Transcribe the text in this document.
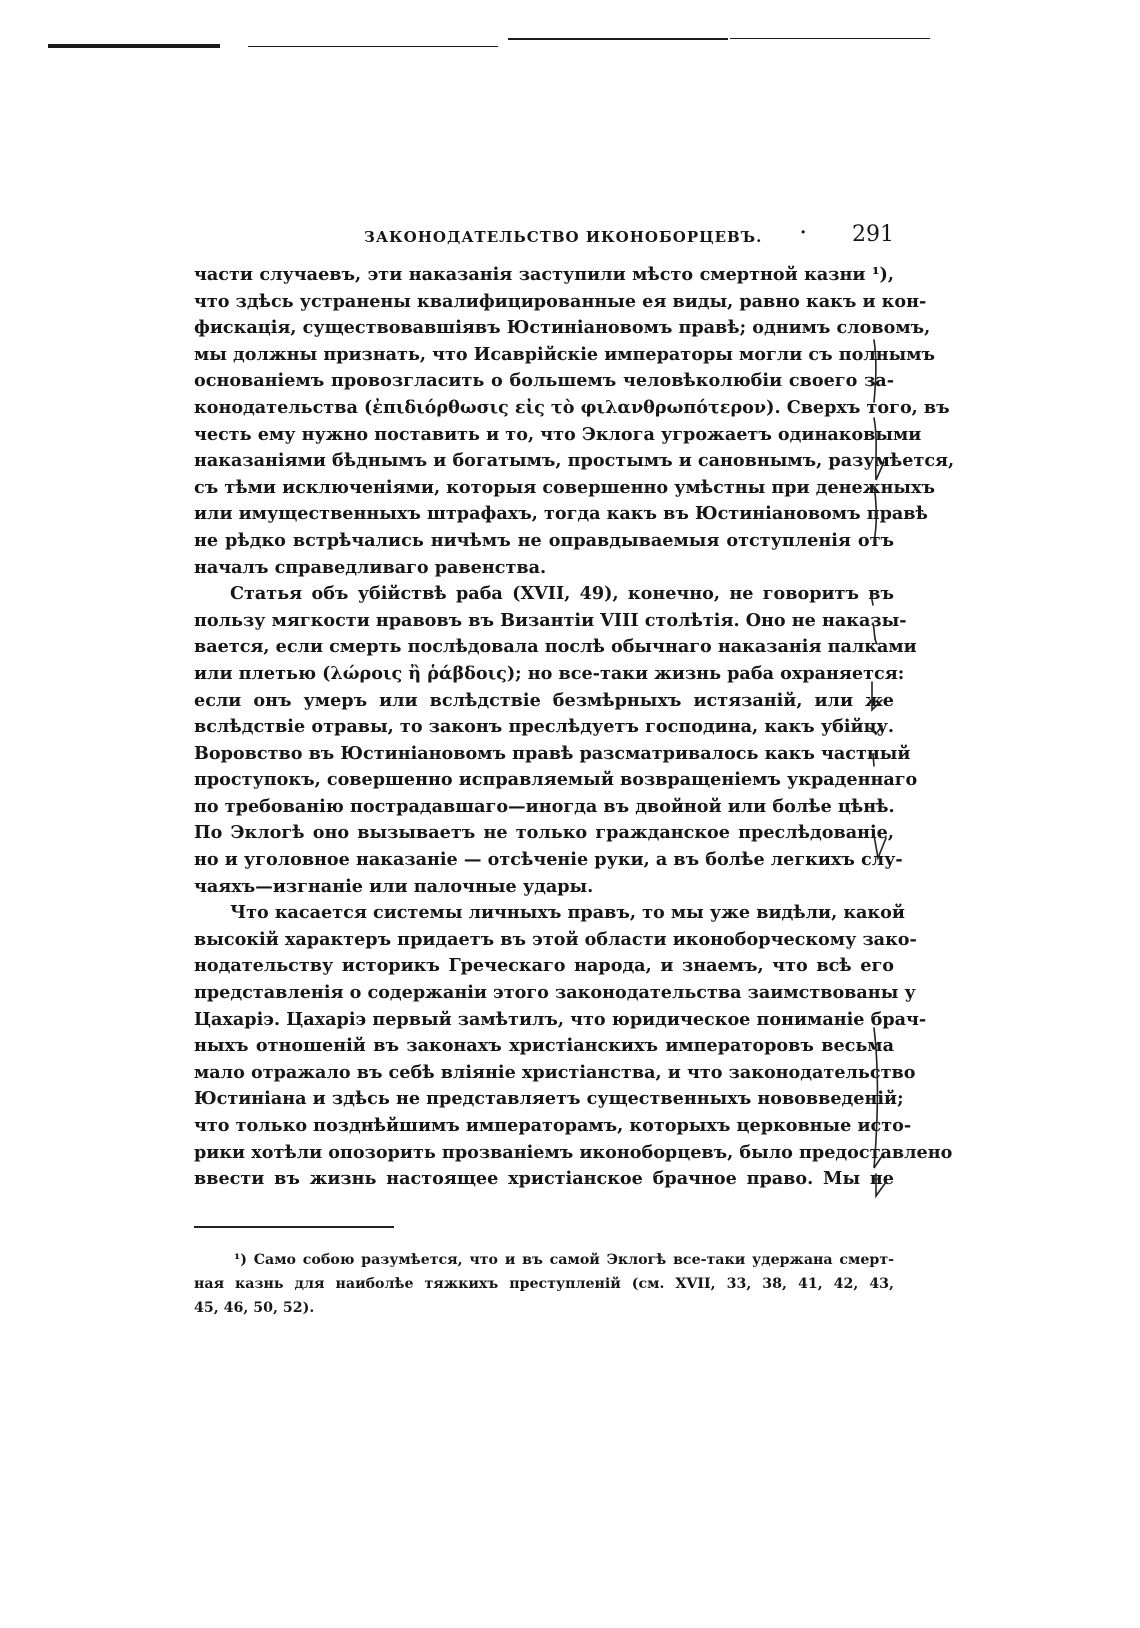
ЗАКОНОДАТЕЛЬСТВО ИКОНОБОРЦЕВЪ. · 291
части случаевъ, эти наказанія заступили мѣсто смертной казни ¹),
что здѣсь устранены квалифицированные ея виды, равно какъ и кон-
фискація, существовавшіявъ Юстиніановомъ правѣ; однимъ словомъ,
мы должны признать, что Исаврійскіе императоры могли съ полнымъ
основаніемъ провозгласить о большемъ человѣколюбіи своего за-
конодательства (ἐπιδιόρθωσις εἰς τὸ φιλανθρωπότερον). Сверхъ того, въ
честь ему нужно поставить и то, что Эклога угрожаетъ одинаковыми
наказаніями бѣднымъ и богатымъ, простымъ и сановнымъ, разумѣется,
съ тѣми исключеніями, которыя совершенно умѣстны при денежныхъ
или имущественныхъ штрафахъ, тогда какъ въ Юстиніановомъ правѣ
не рѣдко встрѣчались ничѣмъ не оправдываемыя отступленія отъ
началъ справедливаго равенства.
Статья объ убійствѣ раба (XVII, 49), конечно, не говоритъ въ
пользу мягкости нравовъ въ Византіи VIII столѣтія. Оно не наказы-
вается, если смерть послѣдовала послѣ обычнаго наказанія палками
или плетью (λώροις ἢ ῥάβδοις); но все-таки жизнь раба охраняется:
если онъ умеръ или вслѣдствіе безмѣрныхъ истязаній, или же
вслѣдствіе отравы, то законъ преслѣдуетъ господина, какъ убійцу.
Воровство въ Юстиніановомъ правѣ разсматривалось какъ частный
проступокъ, совершенно исправляемый возвращеніемъ украденнаго
по требованію пострадавшаго—иногда въ двойной или болѣе цѣнѣ.
По Эклогѣ оно вызываетъ не только гражданское преслѣдованіе,
но и уголовное наказаніе — отсѣченіе руки, а въ болѣе легкихъ слу-
чаяхъ—изгнаніе или палочные удары.
Что касается системы личныхъ правъ, то мы уже видѣли, какой
высокій характеръ придаетъ въ этой области иконоборческому зако-
нодательству историкъ Греческаго народа, и знаемъ, что всѣ его
представленія о содержаніи этого законодательства заимствованы у
Цахаріэ. Цахаріэ первый замѣтилъ, что юридическое пониманіе брач-
ныхъ отношеній въ законахъ христіанскихъ императоровъ весьма
мало отражало въ себѣ вліяніе христіанства, и что законодательство
Юстиніана и здѣсь не представляетъ существенныхъ нововведеній;
что только позднѣйшимъ императорамъ, которыхъ церковные исто-
рики хотѣли опозорить прозваніемъ иконоборцевъ, было предоставлено
ввести въ жизнь настоящее христіанское брачное право. Мы не
¹) Само собою разумѣется, что и въ самой Эклогѣ все-таки удержана смерт-
ная казнь для наиболѣе тяжкихъ преступленій (см. XVII, 33, 38, 41, 42, 43,
45, 46, 50, 52).
